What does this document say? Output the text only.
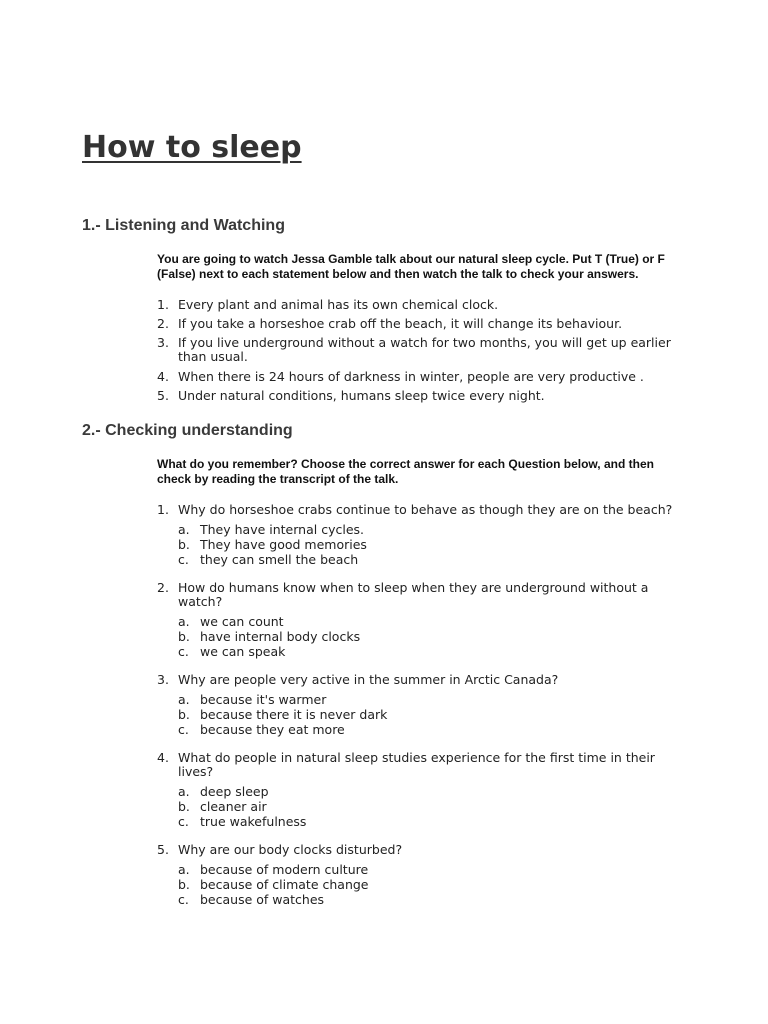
How to sleep
1.- Listening and Watching

You are going to watch Jessa Gamble talk about our natural sleep cycle. Put T (True) or F (False) next to each statement below and then watch the talk to check your answers.

1. Every plant and animal has its own chemical clock.
2. If you take a horseshoe crab off the beach, it will change its behaviour.
3. If you live underground without a watch for two months, you will get up earlier than usual.
4. When there is 24 hours of darkness in winter, people are very productive .
5. Under natural conditions, humans sleep twice every night.
2.- Checking understanding

What do you remember? Choose the correct answer for each Question below, and then check by reading the transcript of the talk.

1. Why do horseshoe crabs continue to behave as though they are on the beach?
a. They have internal cycles.
b. They have good memories
c. they can smell the beach
2. How do humans know when to sleep when they are underground without a watch?
a. we can count
b. have internal body clocks
c. we can speak
3. Why are people very active in the summer in Arctic Canada?
a. because it's warmer
b. because there it is never dark
c. because they eat more
4. What do people in natural sleep studies experience for the first time in their lives?
a. deep sleep
b. cleaner air
c. true wakefulness
5. Why are our body clocks disturbed?
a. because of modern culture
b. because of climate change
c. because of watches
